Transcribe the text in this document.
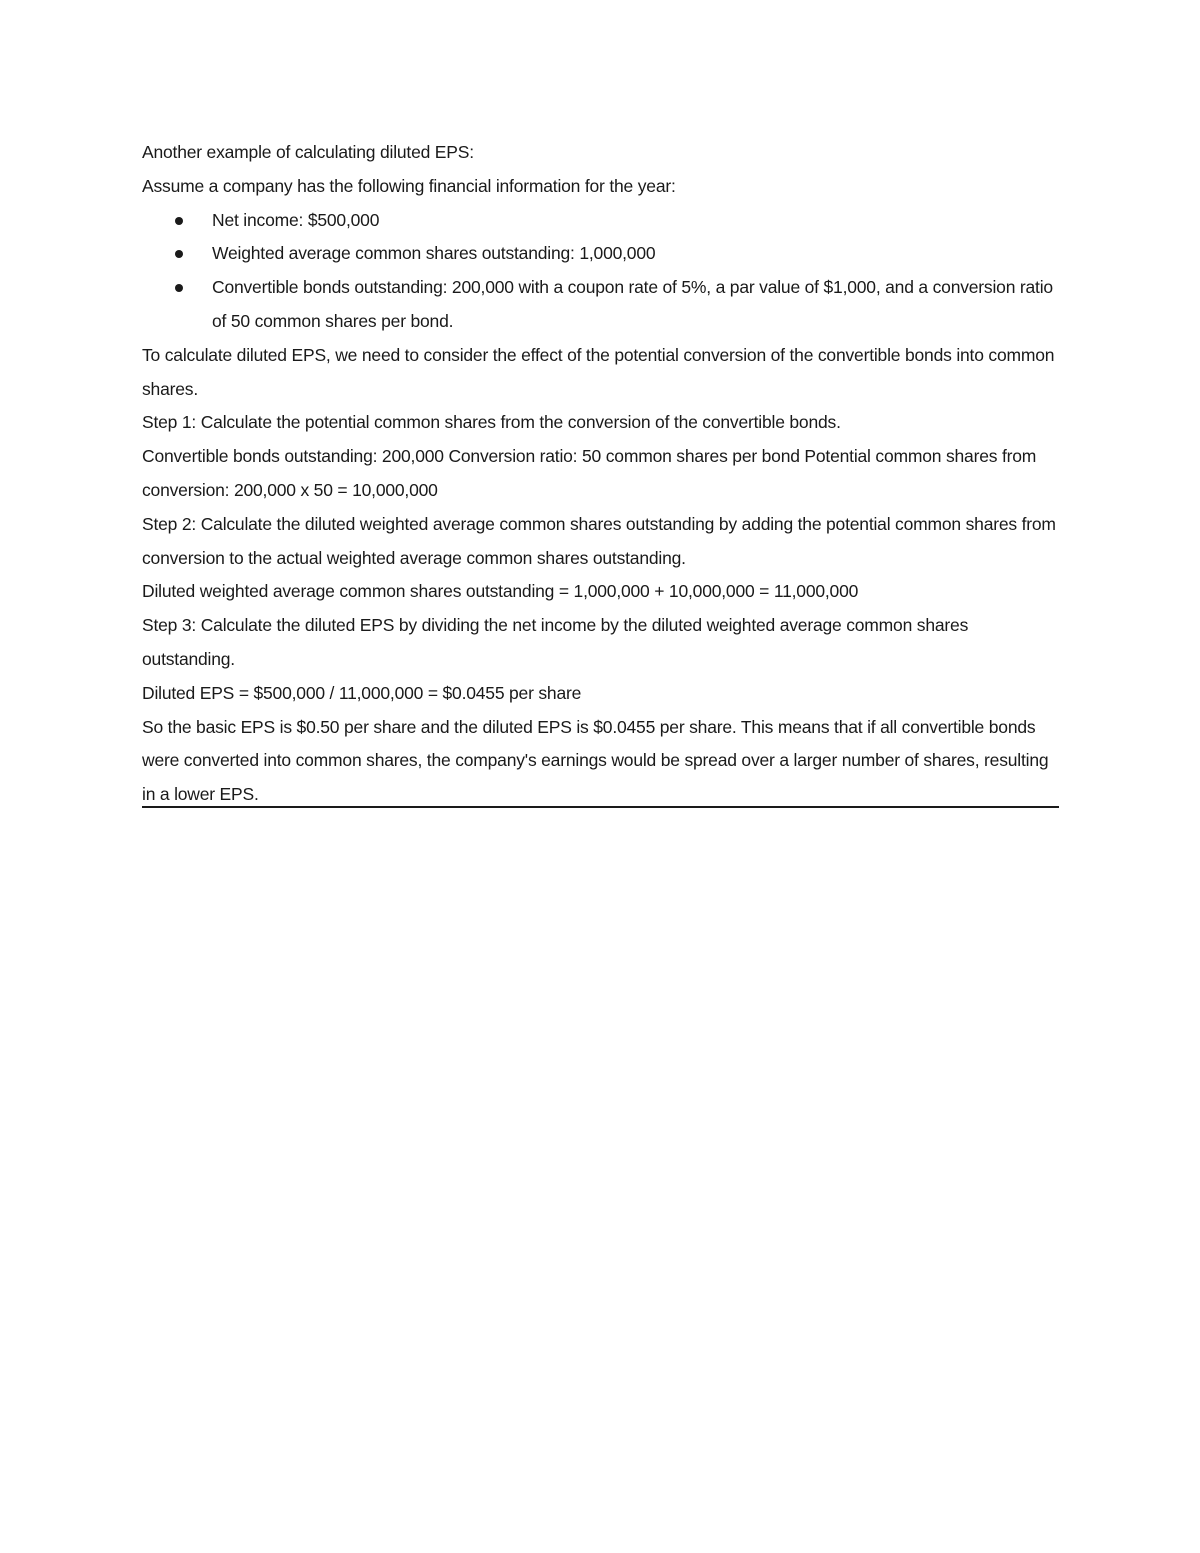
Another example of calculating diluted EPS:

Assume a company has the following financial information for the year:

Net income: $500,000
Weighted average common shares outstanding: 1,000,000
Convertible bonds outstanding: 200,000 with a coupon rate of 5%, a par value of $1,000, and a conversion ratio of 50 common shares per bond.

To calculate diluted EPS, we need to consider the effect of the potential conversion of the convertible bonds into common shares.

Step 1: Calculate the potential common shares from the conversion of the convertible bonds.

Convertible bonds outstanding: 200,000 Conversion ratio: 50 common shares per bond Potential common shares from conversion: 200,000 x 50 = 10,000,000

Step 2: Calculate the diluted weighted average common shares outstanding by adding the potential common shares from conversion to the actual weighted average common shares outstanding.

Diluted weighted average common shares outstanding = 1,000,000 + 10,000,000 = 11,000,000

Step 3: Calculate the diluted EPS by dividing the net income by the diluted weighted average common shares outstanding.

Diluted EPS = $500,000 / 11,000,000 = $0.0455 per share

So the basic EPS is $0.50 per share and the diluted EPS is $0.0455 per share. This means that if all convertible bonds were converted into common shares, the company's earnings would be spread over a larger number of shares, resulting in a lower EPS.
